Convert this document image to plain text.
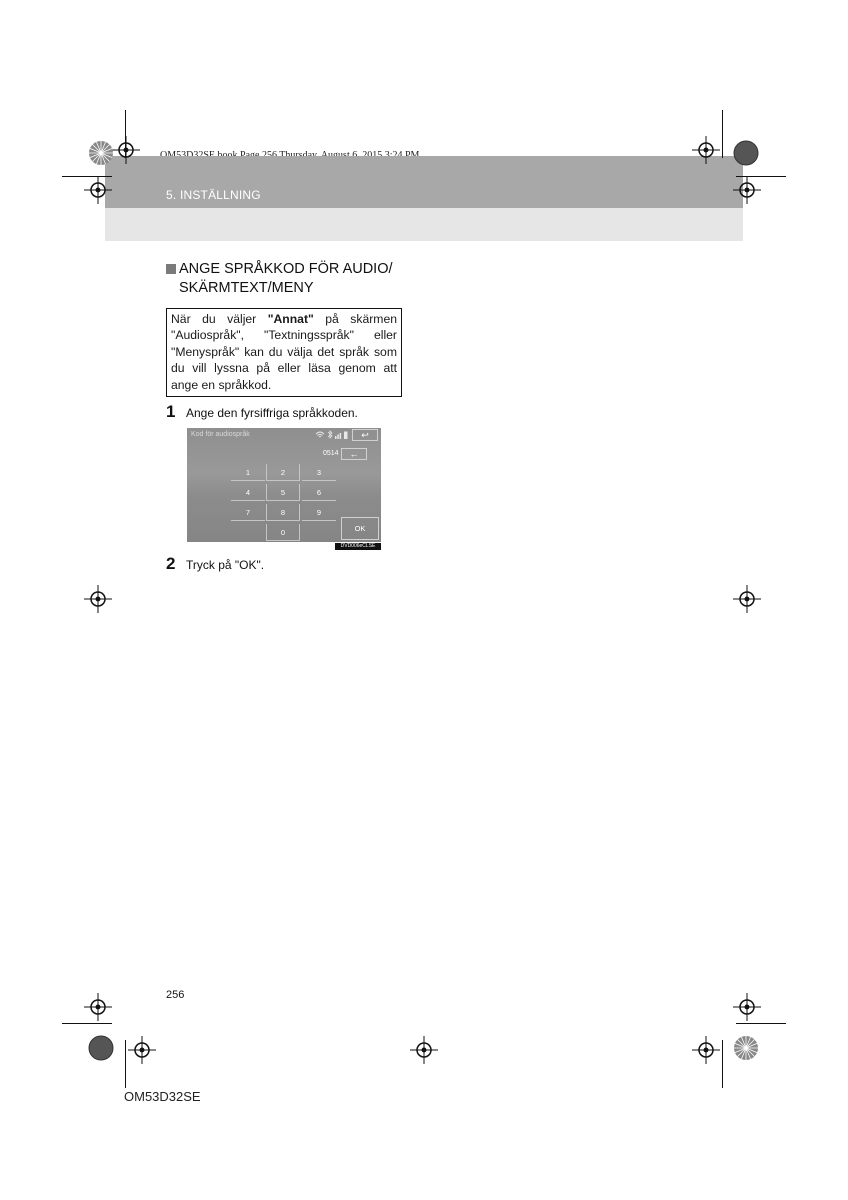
5. INSTÄLLNING
ANGE SPRÅKKOD FÖR AUDIO/ SKÄRMTEXT/MENY
När du väljer "Annat" på skärmen "Audiospråk", "Textningsspråk" eller "Menyspråk" kan du välja det språk som du vill lyssna på eller läsa genom att ange en språkkod.
1 Ange den fyrsiffriga språkkoden.
Kod för audiospråk	↩
0514	←
1	2	3
4	5	6
7	8	9
0	OK
DVD006eCLSE
2 Tryck på "OK".
256
OM53D32SE
